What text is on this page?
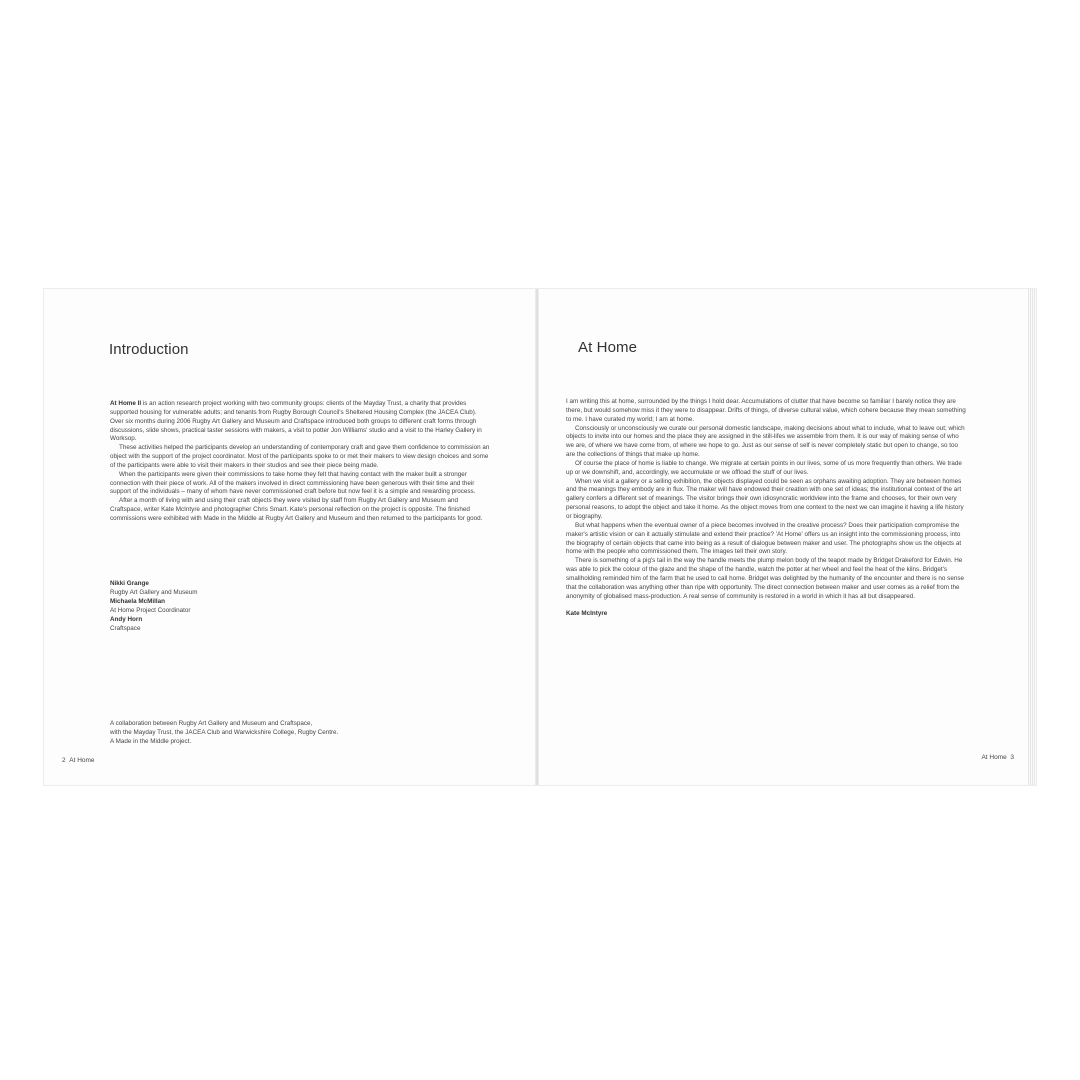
Introduction

At Home II is an action research project working with two community groups: clients of the Mayday Trust, a charity that provides supported housing for vulnerable adults; and tenants from Rugby Borough Council's Sheltered Housing Complex (the JACEA Club). Over six months during 2006 Rugby Art Gallery and Museum and Craftspace introduced both groups to different craft forms through discussions, slide shows, practical taster sessions with makers, a visit to potter Jon Williams' studio and a visit to the Harley Gallery in Worksop.

These activities helped the participants develop an understanding of contemporary craft and gave them confidence to commission an object with the support of the project coordinator. Most of the participants spoke to or met their makers to view design choices and some of the participants were able to visit their makers in their studios and see their piece being made.

When the participants were given their commissions to take home they felt that having contact with the maker built a stronger connection with their piece of work. All of the makers involved in direct commissioning have been generous with their time and their support of the individuals – many of whom have never commissioned craft before but now feel it is a simple and rewarding process.

After a month of living with and using their craft objects they were visited by staff from Rugby Art Gallery and Museum and Craftspace, writer Kate McIntyre and photographer Chris Smart. Kate's personal reflection on the project is opposite. The finished commissions were exhibited with Made in the Middle at Rugby Art Gallery and Museum and then returned to the participants for good.

Nikki Grange
Rugby Art Gallery and Museum
Michaela McMillan
At Home Project Coordinator
Andy Horn
Craftspace
A collaboration between Rugby Art Gallery and Museum and Craftspace,
with the Mayday Trust, the JACEA Club and Warwickshire College, Rugby Centre.
A Made in the Middle project.
2 At Home
At Home

I am writing this at home, surrounded by the things I hold dear. Accumulations of clutter that have become so familiar I barely notice they are there, but would somehow miss it they were to disappear. Drifts of things, of diverse cultural value, which cohere because they mean something to me. I have curated my world; I am at home.

Consciously or unconsciously we curate our personal domestic landscape, making decisions about what to include, what to leave out; which objects to invite into our homes and the place they are assigned in the still-lifes we assemble from them. It is our way of making sense of who we are, of where we have come from, of where we hope to go. Just as our sense of self is never completely static but open to change, so too are the collections of things that make up home.

Of course the place of home is liable to change. We migrate at certain points in our lives, some of us more frequently than others. We trade up or we downshift, and, accordingly, we accumulate or we offload the stuff of our lives.

When we visit a gallery or a selling exhibition, the objects displayed could be seen as orphans awaiting adoption. They are between homes and the meanings they embody are in flux. The maker will have endowed their creation with one set of ideas; the institutional context of the art gallery confers a different set of meanings. The visitor brings their own idiosyncratic worldview into the frame and chooses, for their own very personal reasons, to adopt the object and take it home. As the object moves from one context to the next we can imagine it having a life history or biography.

But what happens when the eventual owner of a piece becomes involved in the creative process? Does their participation compromise the maker's artistic vision or can it actually stimulate and extend their practice? 'At Home' offers us an insight into the commissioning process, into the biography of certain objects that came into being as a result of dialogue between maker and user. The photographs show us the objects at home with the people who commissioned them. The images tell their own story.

There is something of a pig's tail in the way the handle meets the plump melon body of the teapot made by Bridget Drakeford for Edwin. He was able to pick the colour of the glaze and the shape of the handle, watch the potter at her wheel and feel the heat of the kilns. Bridget's smallholding reminded him of the farm that he used to call home. Bridget was delighted by the humanity of the encounter and there is no sense that the collaboration was anything other than ripe with opportunity. The direct connection between maker and user comes as a relief from the anonymity of globalised mass-production. A real sense of community is restored in a world in which it has all but disappeared.

Kate McIntyre

At Home 3
